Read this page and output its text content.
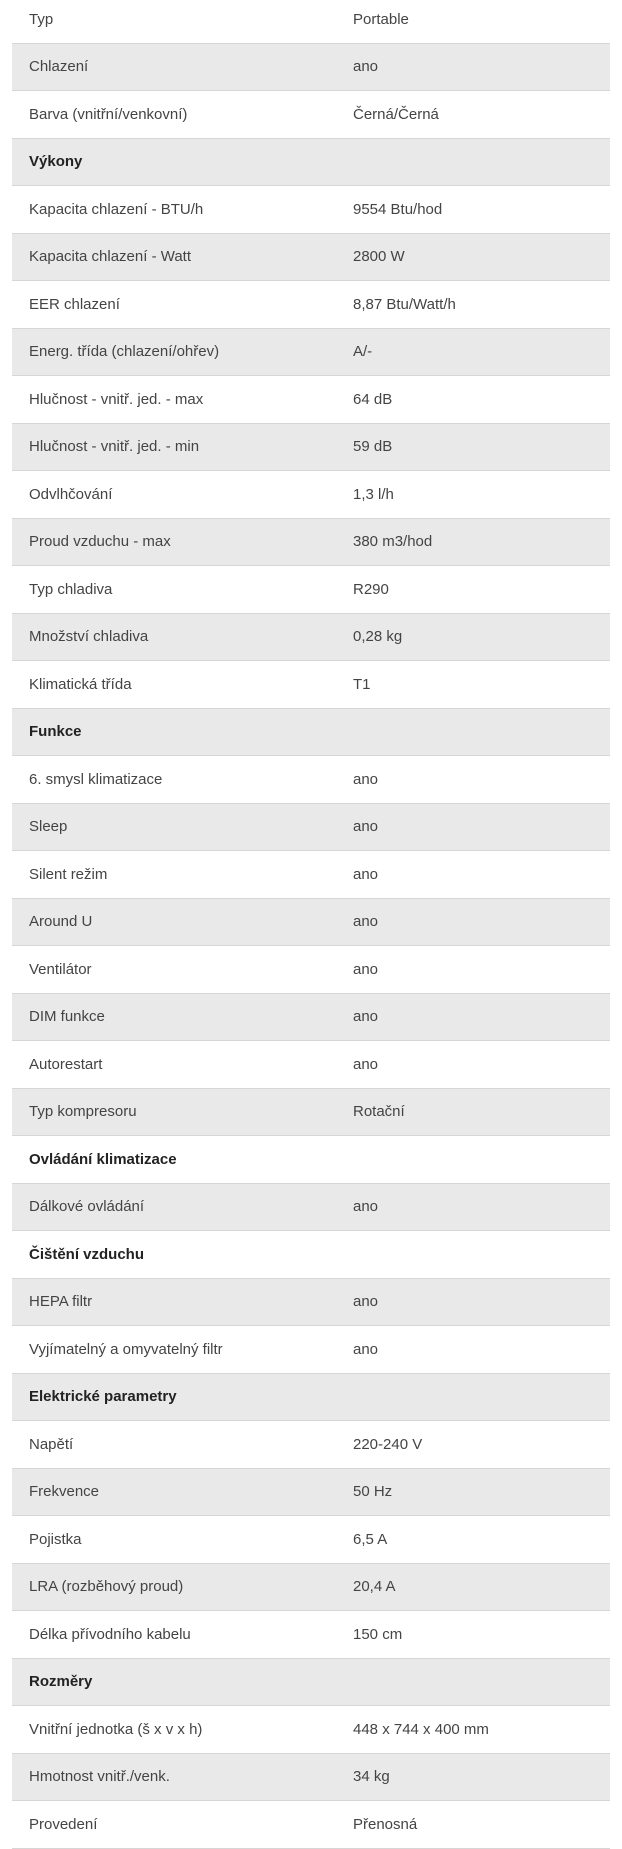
Typ	Portable
Chlazení	ano
Barva (vnitřní/venkovní)	Černá/Černá
Výkony
Kapacita chlazení - BTU/h	9554 Btu/hod
Kapacita chlazení - Watt	2800 W
EER chlazení	8,87 Btu/Watt/h
Energ. třída (chlazení/ohřev)	A/-
Hlučnost - vnitř. jed. - max	64 dB
Hlučnost - vnitř. jed. - min	59 dB
Odvlhčování	1,3 l/h
Proud vzduchu - max	380 m3/hod
Typ chladiva	R290
Množství chladiva	0,28 kg
Klimatická třída	T1
Funkce
6. smysl klimatizace	ano
Sleep	ano
Silent režim	ano
Around U	ano
Ventilátor	ano
DIM funkce	ano
Autorestart	ano
Typ kompresoru	Rotační
Ovládání klimatizace
Dálkové ovládání	ano
Čištění vzduchu
HEPA filtr	ano
Vyjímatelný a omyvatelný filtr	ano
Elektrické parametry
Napětí	220-240 V
Frekvence	50 Hz
Pojistka	6,5 A
LRA (rozběhový proud)	20,4 A
Délka přívodního kabelu	150 cm
Rozměry
Vnitřní jednotka (š x v x h)	448 x 744 x 400 mm
Hmotnost vnitř./venk.	34 kg
Provedení	Přenosná
